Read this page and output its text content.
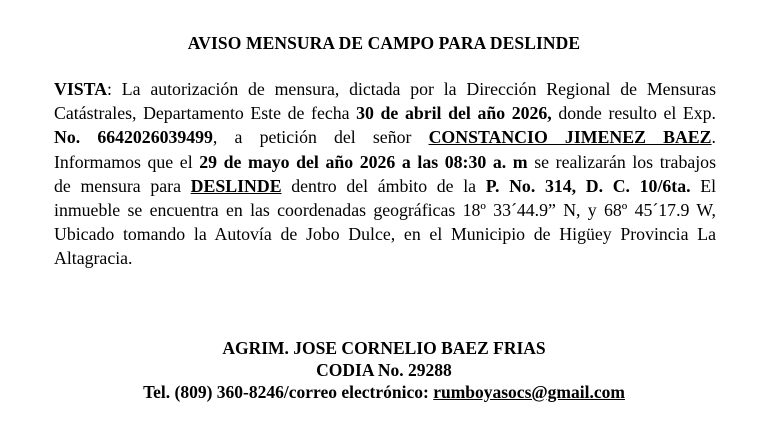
AVISO MENSURA DE CAMPO PARA DESLINDE
VISTA: La autorización de mensura, dictada por la Dirección Regional de Mensuras
Catástrales, Departamento Este de fecha 30 de abril del año 2026, donde resulto el Exp.
No. 6642026039499, a petición del señor CONSTANCIO JIMENEZ BAEZ.
Informamos que el 29 de mayo del año 2026 a las 08:30 a. m se realizarán los trabajos
de mensura para DESLINDE dentro del ámbito de la P. No. 314, D. C. 10/6ta. El
inmueble se encuentra en las coordenadas geográficas 18º 33´44.9” N, y 68º 45´17.9 W,
Ubicado tomando la Autovía de Jobo Dulce, en el Municipio de Higüey Provincia La
Altagracia.
AGRIM. JOSE CORNELIO BAEZ FRIAS
CODIA No. 29288
Tel. (809) 360-8246/correo electrónico: rumboyasocs@gmail.com
